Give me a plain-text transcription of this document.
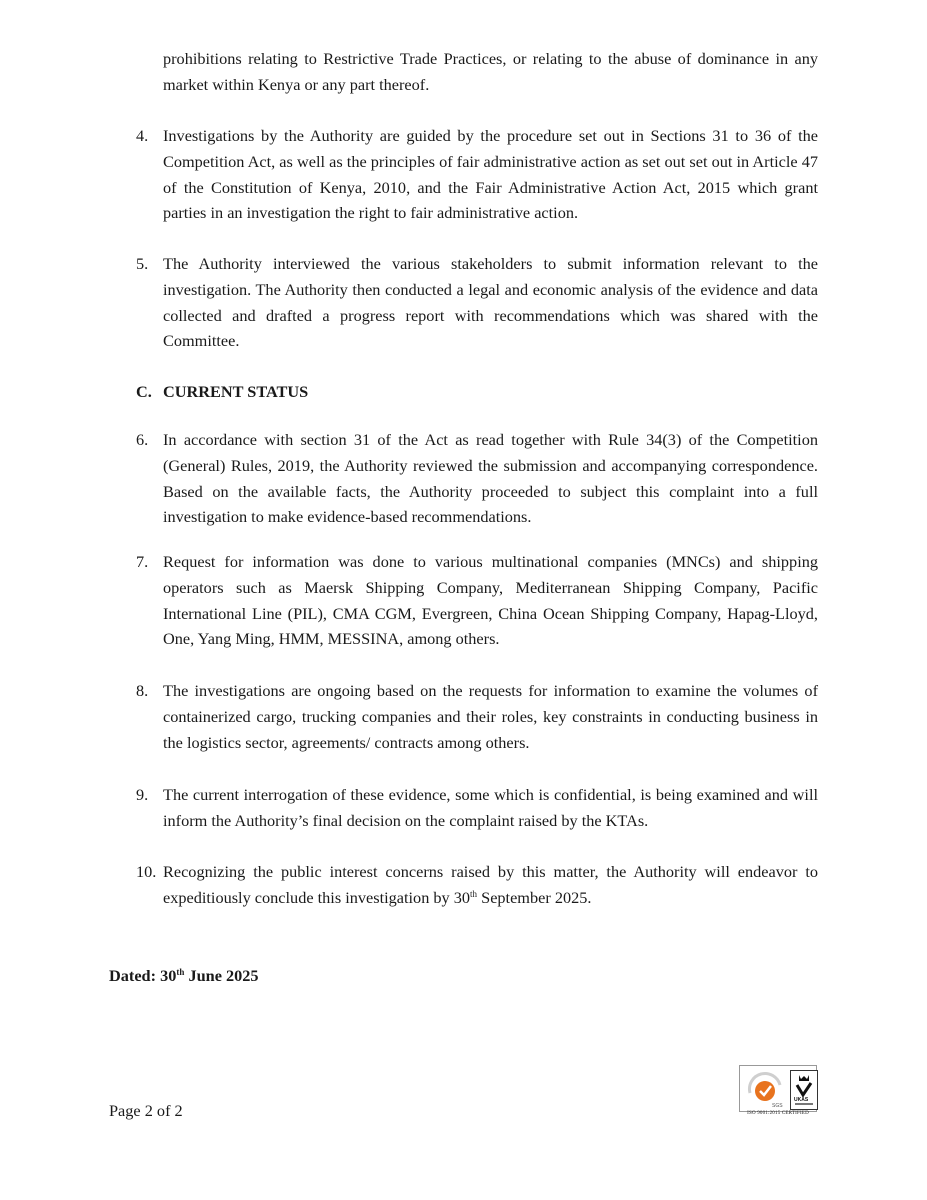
prohibitions relating to Restrictive Trade Practices, or relating to the abuse of dominance in any market within Kenya or any part thereof.
4. Investigations by the Authority are guided by the procedure set out in Sections 31 to 36 of the Competition Act, as well as the principles of fair administrative action as set out set out in Article 47 of the Constitution of Kenya, 2010, and the Fair Administrative Action Act, 2015 which grant parties in an investigation the right to fair administrative action.
5. The Authority interviewed the various stakeholders to submit information relevant to the investigation. The Authority then conducted a legal and economic analysis of the evidence and data collected and drafted a progress report with recommendations which was shared with the Committee.
C. CURRENT STATUS
6. In accordance with section 31 of the Act as read together with Rule 34(3) of the Competition (General) Rules, 2019, the Authority reviewed the submission and accompanying correspondence. Based on the available facts, the Authority proceeded to subject this complaint into a full investigation to make evidence-based recommendations.
7. Request for information was done to various multinational companies (MNCs) and shipping operators such as Maersk Shipping Company, Mediterranean Shipping Company, Pacific International Line (PIL), CMA CGM, Evergreen, China Ocean Shipping Company, Hapag-Lloyd, One, Yang Ming, HMM, MESSINA, among others.
8. The investigations are ongoing based on the requests for information to examine the volumes of containerized cargo, trucking companies and their roles, key constraints in conducting business in the logistics sector, agreements/ contracts among others.
9. The current interrogation of these evidence, some which is confidential, is being examined and will inform the Authority’s final decision on the complaint raised by the KTAs.
10. Recognizing the public interest concerns raised by this matter, the Authority will endeavor to expeditiously conclude this investigation by 30th September 2025.
Dated: 30th June 2025
Page 2 of 2	SGS
UKAS
ISO 9001:2015 CERTIFIED
